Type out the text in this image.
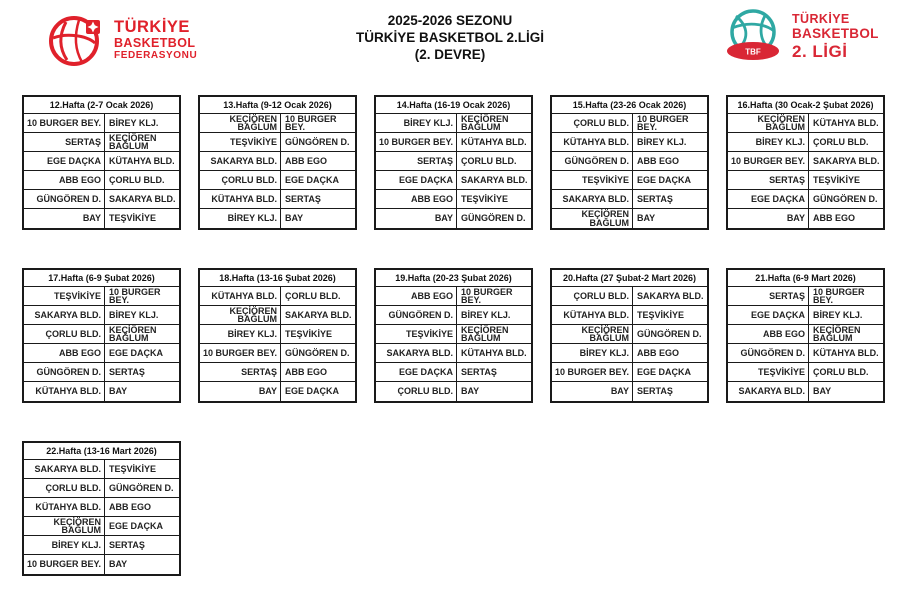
TÜRKİYE
BASKETBOL
FEDERASYONU
2025-2026 SEZONU
TÜRKİYE BASKETBOL 2.LİGİ
(2. DEVRE)	TBF
TÜRKİYE
BASKETBOL
2. LİGİ
12.Hafta (2-7 Ocak 2026)
10 BURGER BEY. BİREY KLJ.
SERTAŞ KEÇİÖREN BAĞLUM
EGE DAÇKA KÜTAHYA BLD.
ABB EGO ÇORLU BLD.
GÜNGÖREN D. SAKARYA BLD.
BAY TEŞVİKİYE
13.Hafta (9-12 Ocak 2026)
KEÇİÖREN BAĞLUM
10 BURGER BEY.
TEŞVİKİYE GÜNGÖREN D.
SAKARYA BLD. ABB EGO
ÇORLU BLD. EGE DAÇKA
KÜTAHYA BLD. SERTAŞ
BİREY KLJ. BAY
14.Hafta (16-19 Ocak 2026)
BİREY KLJ. KEÇİÖREN BAĞLUM
10 BURGER BEY. KÜTAHYA BLD.
SERTAŞ ÇORLU BLD.
EGE DAÇKA SAKARYA BLD.
ABB EGO TEŞVİKİYE
BAY GÜNGÖREN D.
15.Hafta (23-26 Ocak 2026)
ÇORLU BLD. 10 BURGER BEY.
KÜTAHYA BLD. BİREY KLJ.
GÜNGÖREN D. ABB EGO
TEŞVİKİYE EGE DAÇKA
SAKARYA BLD. SERTAŞ
KEÇİÖREN BAĞLUM BAY
16.Hafta (30 Ocak-2 Şubat 2026)
KEÇİÖREN BAĞLUM KÜTAHYA BLD.
BİREY KLJ. ÇORLU BLD.
10 BURGER BEY. SAKARYA BLD.
SERTAŞ TEŞVİKİYE
EGE DAÇKA GÜNGÖREN D.
BAY ABB EGO
17.Hafta (6-9 Şubat 2026)
TEŞVİKİYE 10 BURGER BEY.
SAKARYA BLD. BİREY KLJ.
ÇORLU BLD. KEÇİÖREN BAĞLUM
ABB EGO EGE DAÇKA
GÜNGÖREN D. SERTAŞ
KÜTAHYA BLD. BAY
18.Hafta (13-16 Şubat 2026)
KÜTAHYA BLD. ÇORLU BLD.
KEÇİÖREN BAĞLUM SAKARYA BLD.
BİREY KLJ. TEŞVİKİYE
10 BURGER BEY. GÜNGÖREN D.
SERTAŞ ABB EGO
BAY EGE DAÇKA
19.Hafta (20-23 Şubat 2026)
ABB EGO 10 BURGER BEY.
GÜNGÖREN D. BİREY KLJ.
TEŞVİKİYE KEÇİÖREN BAĞLUM
SAKARYA BLD. KÜTAHYA BLD.
EGE DAÇKA SERTAŞ
ÇORLU BLD. BAY
20.Hafta (27 Şubat-2 Mart 2026)
ÇORLU BLD. SAKARYA BLD.
KÜTAHYA BLD. TEŞVİKİYE
KEÇİÖREN BAĞLUM GÜNGÖREN D.
BİREY KLJ. ABB EGO
10 BURGER BEY. EGE DAÇKA
BAY SERTAŞ
21.Hafta (6-9 Mart 2026)
SERTAŞ 10 BURGER BEY.
EGE DAÇKA BİREY KLJ.
ABB EGO KEÇİÖREN BAĞLUM
GÜNGÖREN D. KÜTAHYA BLD.
TEŞVİKİYE ÇORLU BLD.
SAKARYA BLD. BAY
22.Hafta (13-16 Mart 2026)
SAKARYA BLD. TEŞVİKİYE
ÇORLU BLD. GÜNGÖREN D.
KÜTAHYA BLD. ABB EGO
KEÇİÖREN BAĞLUM EGE DAÇKA
BİREY KLJ. SERTAŞ
10 BURGER BEY. BAY
